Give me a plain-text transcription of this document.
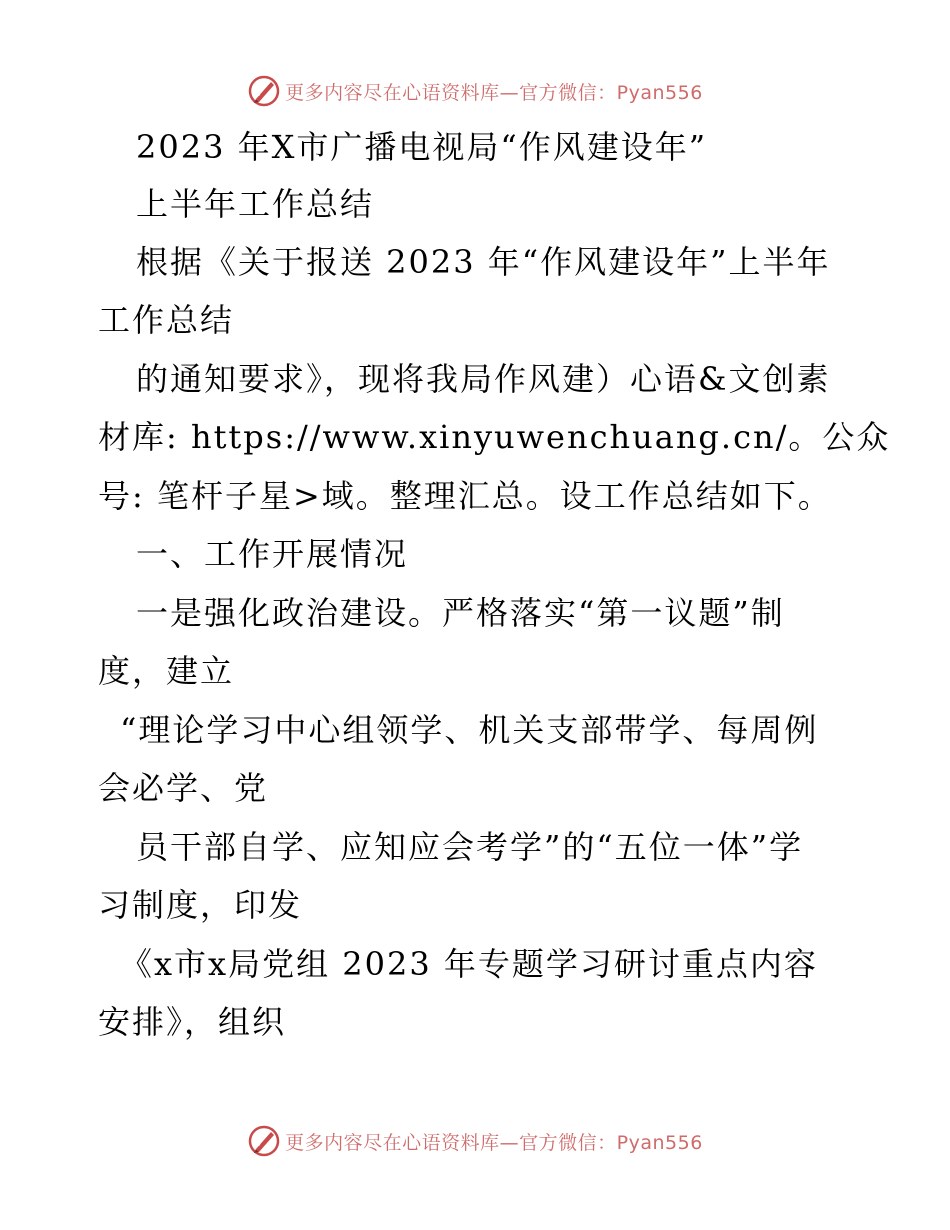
更多内容尽在心语资料库—官方微信：Pyan556
2023 年X市广播电视局“作风建设年”
上半年工作总结
根据《关于报送 2023 年“作风建设年”上半年
工作总结
的通知要求》，现将我局作风建）心语&文创素
材库: https://www.xinyuwenchuang.cn/。公众
号: 笔杆子星>域。整理汇总。设工作总结如下。
一、工作开展情况
一是强化政治建设。严格落实“第一议题”制
度，建立
“理论学习中心组领学、机关支部带学、每周例
会必学、党
员干部自学、应知应会考学”的“五位一体”学
习制度，印发
《x市x局党组 2023 年专题学习研讨重点内容
安排》，组织
更多内容尽在心语资料库—官方微信：Pyan556
